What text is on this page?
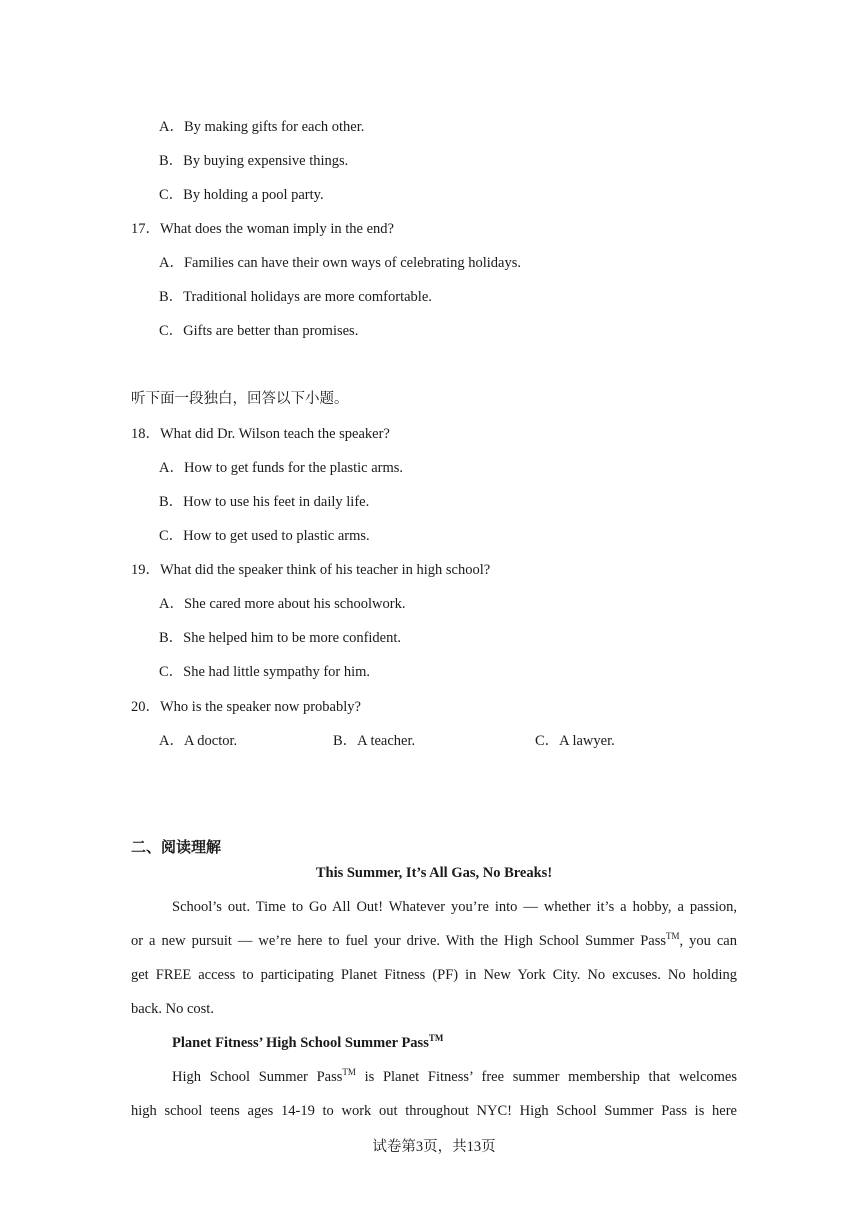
A．By making gifts for each other.
B．By buying expensive things.
C．By holding a pool party.
17．What does the woman imply in the end?
A．Families can have their own ways of celebrating holidays.
B．Traditional holidays are more comfortable.
C．Gifts are better than promises.
听下面一段独白，回答以下小题。
18．What did Dr. Wilson teach the speaker?
A．How to get funds for the plastic arms.
B．How to use his feet in daily life.
C．How to get used to plastic arms.
19．What did the speaker think of his teacher in high school?
A．She cared more about his schoolwork.
B．She helped him to be more confident.
C．She had little sympathy for him.
20．Who is the speaker now probably?
A．A doctor.	B．A teacher.	C．A lawyer.
二、阅读理解
This Summer, It’s All Gas, No Breaks!
School’s out. Time to Go All Out! Whatever you’re into — whether it’s a hobby, a passion,
or a new pursuit — we’re here to fuel your drive. With the High School Summer Pass™, you can
get FREE access to participating Planet Fitness (PF) in New York City. No excuses. No holding
back. No cost.
Planet Fitness’ High School Summer Pass™
High School Summer Pass™ is Planet Fitness’ free summer membership that welcomes
high school teens ages 14-19 to work out throughout NYC! High School Summer Pass is here
试卷第3页，共13页
